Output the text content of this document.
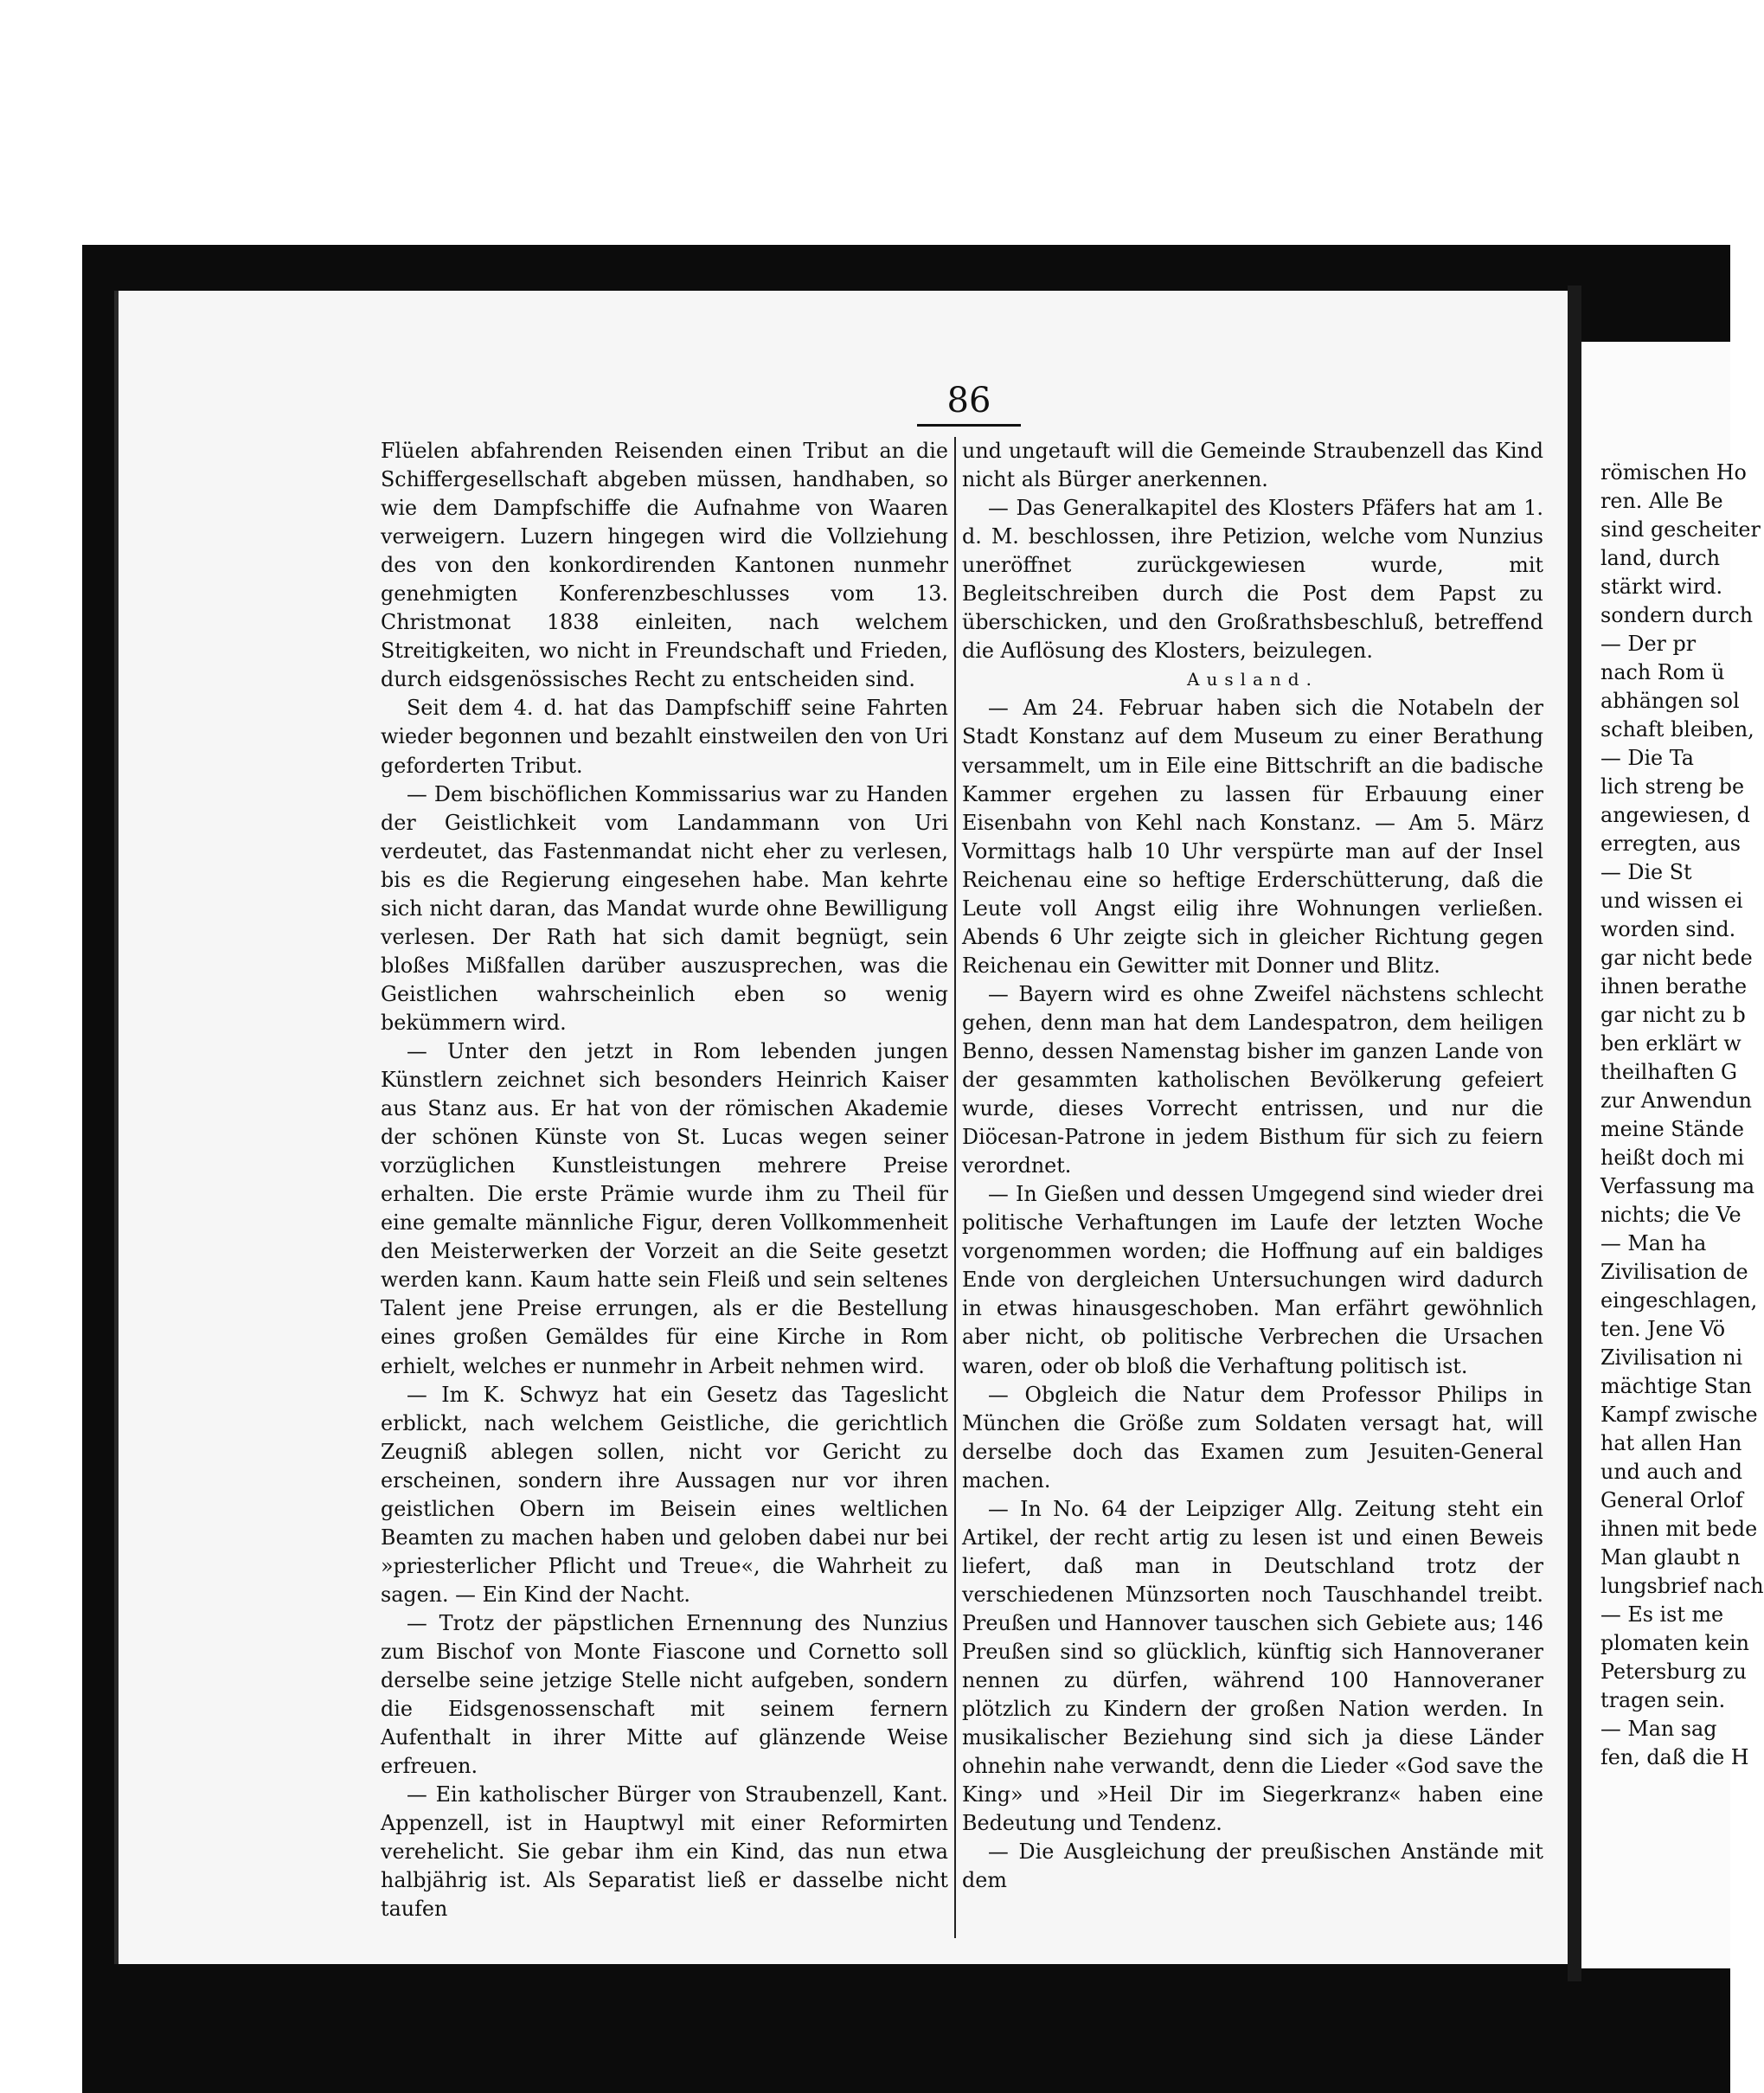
86

Flüelen abfahrenden Reisenden einen Tribut an die Schiffergesellschaft abgeben müssen, handhaben, so wie dem Dampfschiffe die Aufnahme von Waaren verweigern. Luzern hingegen wird die Vollziehung des von den konkordirenden Kantonen nunmehr genehmigten Konferenzbeschlusses vom 13. Christmonat 1838 einleiten, nach welchem Streitigkeiten, wo nicht in Freundschaft und Frieden, durch eidsgenössisches Recht zu entscheiden sind.

Seit dem 4. d. hat das Dampfschiff seine Fahrten wieder begonnen und bezahlt einstweilen den von Uri geforderten Tribut.

— Dem bischöflichen Kommissarius war zu Handen der Geistlichkeit vom Landammann von Uri verdeutet, das Fastenmandat nicht eher zu verlesen, bis es die Regierung eingesehen habe. Man kehrte sich nicht daran, das Mandat wurde ohne Bewilligung verlesen. Der Rath hat sich damit begnügt, sein bloßes Mißfallen darüber auszusprechen, was die Geistlichen wahrscheinlich eben so wenig bekümmern wird.

— Unter den jetzt in Rom lebenden jungen Künstlern zeichnet sich besonders Heinrich Kaiser aus Stanz aus. Er hat von der römischen Akademie der schönen Künste von St. Lucas wegen seiner vorzüglichen Kunstleistungen mehrere Preise erhalten. Die erste Prämie wurde ihm zu Theil für eine gemalte männliche Figur, deren Vollkommenheit den Meisterwerken der Vorzeit an die Seite gesetzt werden kann. Kaum hatte sein Fleiß und sein seltenes Talent jene Preise errungen, als er die Bestellung eines großen Gemäldes für eine Kirche in Rom erhielt, welches er nunmehr in Arbeit nehmen wird.

— Im K. Schwyz hat ein Gesetz das Tageslicht erblickt, nach welchem Geistliche, die gerichtlich Zeugniß ablegen sollen, nicht vor Gericht zu erscheinen, sondern ihre Aussagen nur vor ihren geistlichen Obern im Beisein eines weltlichen Beamten zu machen haben und geloben dabei nur bei »priesterlicher Pflicht und Treue«, die Wahrheit zu sagen. — Ein Kind der Nacht.

— Trotz der päpstlichen Ernennung des Nunzius zum Bischof von Monte Fiascone und Cornetto soll derselbe seine jetzige Stelle nicht aufgeben, sondern die Eidsgenossenschaft mit seinem fernern Aufenthalt in ihrer Mitte auf glänzende Weise erfreuen.

— Ein katholischer Bürger von Straubenzell, Kant. Appenzell, ist in Hauptwyl mit einer Reformirten verehelicht. Sie gebar ihm ein Kind, das nun etwa halbjährig ist. Als Separatist ließ er dasselbe nicht taufen

und ungetauft will die Gemeinde Straubenzell das Kind nicht als Bürger anerkennen.

— Das Generalkapitel des Klosters Pfäfers hat am 1. d. M. beschlossen, ihre Petizion, welche vom Nunzius uneröffnet zurückgewiesen wurde, mit Begleitschreiben durch die Post dem Papst zu überschicken, und den Großrathsbeschluß, betreffend die Auflösung des Klosters, beizulegen.

Ausland.

— Am 24. Februar haben sich die Notabeln der Stadt Konstanz auf dem Museum zu einer Berathung versammelt, um in Eile eine Bittschrift an die badische Kammer ergehen zu lassen für Erbauung einer Eisenbahn von Kehl nach Konstanz. — Am 5. März Vormittags halb 10 Uhr verspürte man auf der Insel Reichenau eine so heftige Erderschütterung, daß die Leute voll Angst eilig ihre Wohnungen verließen. Abends 6 Uhr zeigte sich in gleicher Richtung gegen Reichenau ein Gewitter mit Donner und Blitz.

— Bayern wird es ohne Zweifel nächstens schlecht gehen, denn man hat dem Landespatron, dem heiligen Benno, dessen Namenstag bisher im ganzen Lande von der gesammten katholischen Bevölkerung gefeiert wurde, dieses Vorrecht entrissen, und nur die Diöcesan-Patrone in jedem Bisthum für sich zu feiern verordnet.

— In Gießen und dessen Umgegend sind wieder drei politische Verhaftungen im Laufe der letzten Woche vorgenommen worden; die Hoffnung auf ein baldiges Ende von dergleichen Untersuchungen wird dadurch in etwas hinausgeschoben. Man erfährt gewöhnlich aber nicht, ob politische Verbrechen die Ursachen waren, oder ob bloß die Verhaftung politisch ist.

— Obgleich die Natur dem Professor Philips in München die Größe zum Soldaten versagt hat, will derselbe doch das Examen zum Jesuiten-General machen.

— In No. 64 der Leipziger Allg. Zeitung steht ein Artikel, der recht artig zu lesen ist und einen Beweis liefert, daß man in Deutschland trotz der verschiedenen Münzsorten noch Tauschhandel treibt. Preußen und Hannover tauschen sich Gebiete aus; 146 Preußen sind so glücklich, künftig sich Hannoveraner nennen zu dürfen, während 100 Hannoveraner plötzlich zu Kindern der großen Nation werden. In musikalischer Beziehung sind sich ja diese Länder ohnehin nahe verwandt, denn die Lieder «God save the King» und »Heil Dir im Siegerkranz« haben eine Bedeutung und Tendenz.

— Die Ausgleichung der preußischen Anstände mit dem

römischen Ho
ren. Alle Be
sind gescheiter
land, durch
stärkt wird.
sondern durch
— Der pr
nach Rom ü
abhängen sol
schaft bleiben,
— Die Ta
lich streng be
angewiesen, d
erregten, aus
— Die St
und wissen ei
worden sind.
gar nicht bede
ihnen berathe
gar nicht zu b
ben erklärt w
theilhaften G
zur Anwendun
meine Stände
heißt doch mi
Verfassung ma
nichts; die Ve
— Man ha
Zivilisation de
eingeschlagen,
ten. Jene Vö
Zivilisation ni
mächtige Stan
Kampf zwische
hat allen Han
und auch and
General Orlof
ihnen mit bede
Man glaubt n
lungsbrief nach
— Es ist me
plomaten kein
Petersburg zu
tragen sein.
— Man sag
fen, daß die H
